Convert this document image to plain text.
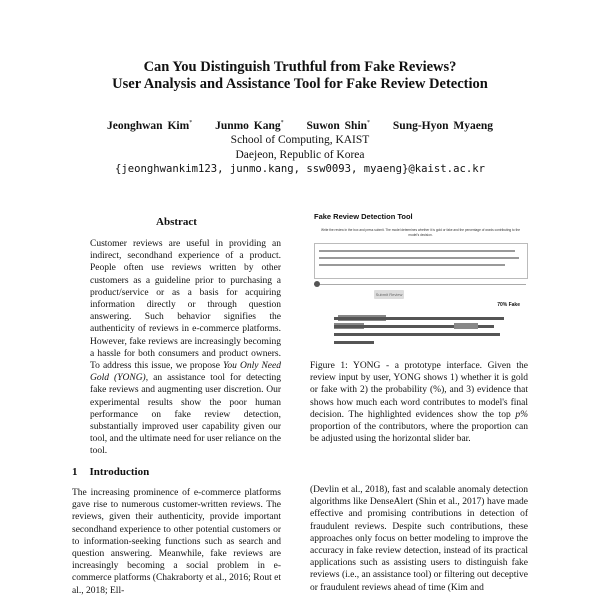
Can You Distinguish Truthful from Fake Reviews?
User Analysis and Assistance Tool for Fake Review Detection
Jeonghwan Kim* Junmo Kang* Suwon Shin* Sung-Hyon Myaeng
School of Computing, KAIST
Daejeon, Republic of Korea
{jeonghwankim123, junmo.kang, ssw0093, myaeng}@kaist.ac.kr
Abstract
Customer reviews are useful in providing an indirect, secondhand experience of a product. People often use reviews written by other customers as a guideline prior to purchasing a product/service or as a basis for acquiring information directly or through question answering. Such behavior signifies the authenticity of reviews in e-commerce platforms. However, fake reviews are increasingly becoming a hassle for both consumers and product owners. To address this issue, we propose You Only Need Gold (YONG), an assistance tool for detecting fake reviews and augmenting user discretion. Our experimental results show the poor human performance on fake review detection, substantially improved user capability given our tool, and the ultimate need for user reliance on the tool.
1 Introduction
The increasing prominence of e-commerce platforms gave rise to numerous customer-written reviews. The reviews, given their authenticity, provide important secondhand experience to other potential customers or to information-seeking functions such as search and question answering. Meanwhile, fake reviews are increasingly becoming a social problem in e-commerce platforms (Chakraborty et al., 2016; Rout et al., 2018; Ell-
Fake Review Detection Tool
Write the review in the box and press submit. The model determines whether it is gold or fake and the percentage of words contributing to the model's decision.
Submit Review
70% Fake
Figure 1: YONG - a prototype interface. Given the review input by user, YONG shows 1) whether it is gold or fake with 2) the probability (%), and 3) evidence that shows how much each word contributes to model's final decision. The highlighted evidences show the top p% proportion of the contributors, where the proportion can be adjusted using the horizontal slider bar.
(Devlin et al., 2018), fast and scalable anomaly detection algorithms like DenseAlert (Shin et al., 2017) have made effective and promising contributions in detection of fraudulent reviews. Despite such contributions, these approaches only focus on better modeling to improve the accuracy in fake review detection, instead of its practical applications such as assisting users to distinguish fake reviews (i.e., an assistance tool) or filtering out deceptive or fraudulent reviews ahead of time (Kim and
